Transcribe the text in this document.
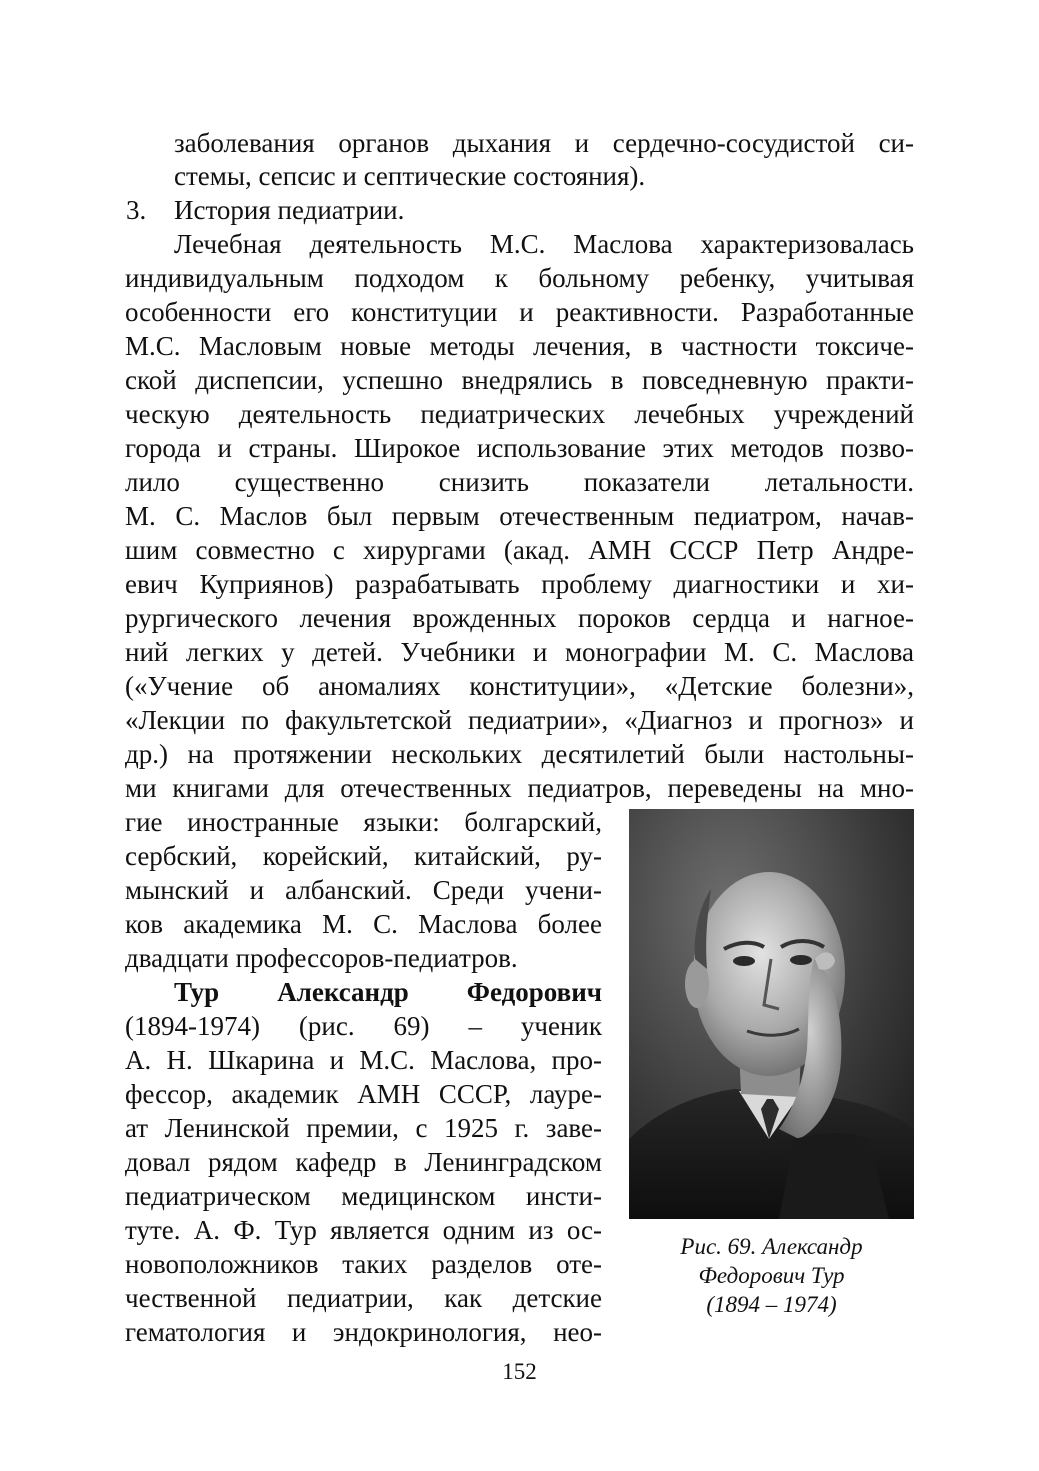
заболевания органов дыхания и сердечно-сосудистой си-
стемы, сепсис и септические состояния).
3. История педиатрии.
Лечебная деятельность М.С. Маслова характеризовалась
индивидуальным подходом к больному ребенку, учитывая
особенности его конституции и реактивности. Разработанные
М.С. Масловым новые методы лечения, в частности токсиче-
ской диспепсии, успешно внедрялись в повседневную практи-
ческую деятельность педиатрических лечебных учреждений
города и страны. Широкое использование этих методов позво-
лило существенно снизить показатели летальности.
М. С. Маслов был первым отечественным педиатром, начав-
шим совместно с хирургами (акад. АМН СССР Петр Андре-
евич Куприянов) разрабатывать проблему диагностики и хи-
рургического лечения врожденных пороков сердца и нагное-
ний легких у детей. Учебники и монографии М. С. Маслова
(«Учение об аномалиях конституции», «Детские болезни»,
«Лекции по факультетской педиатрии», «Диагноз и прогноз» и
др.) на протяжении нескольких десятилетий были настольны-
ми книгами для отечественных педиатров, переведены на мно-
гие иностранные языки: болгарский,
сербский, корейский, китайский, ру-
мынский и албанский. Среди учени-
ков академика М. С. Маслова более
двадцати профессоров-педиатров.
Тур Александр Федорович
(1894-1974) (рис. 69) – ученик
А. Н. Шкарина и М.С. Маслова, про-
фессор, академик АМН СССР, лауре-
ат Ленинской премии, с 1925 г. заве-
довал рядом кафедр в Ленинградском
педиатрическом медицинском инсти-
туте. А. Ф. Тур является одним из ос-
новоположников таких разделов оте-
чественной педиатрии, как детские
гематология и эндокринология, нео-
Рис. 69. Александр
Федорович Тур
(1894 – 1974)
152
